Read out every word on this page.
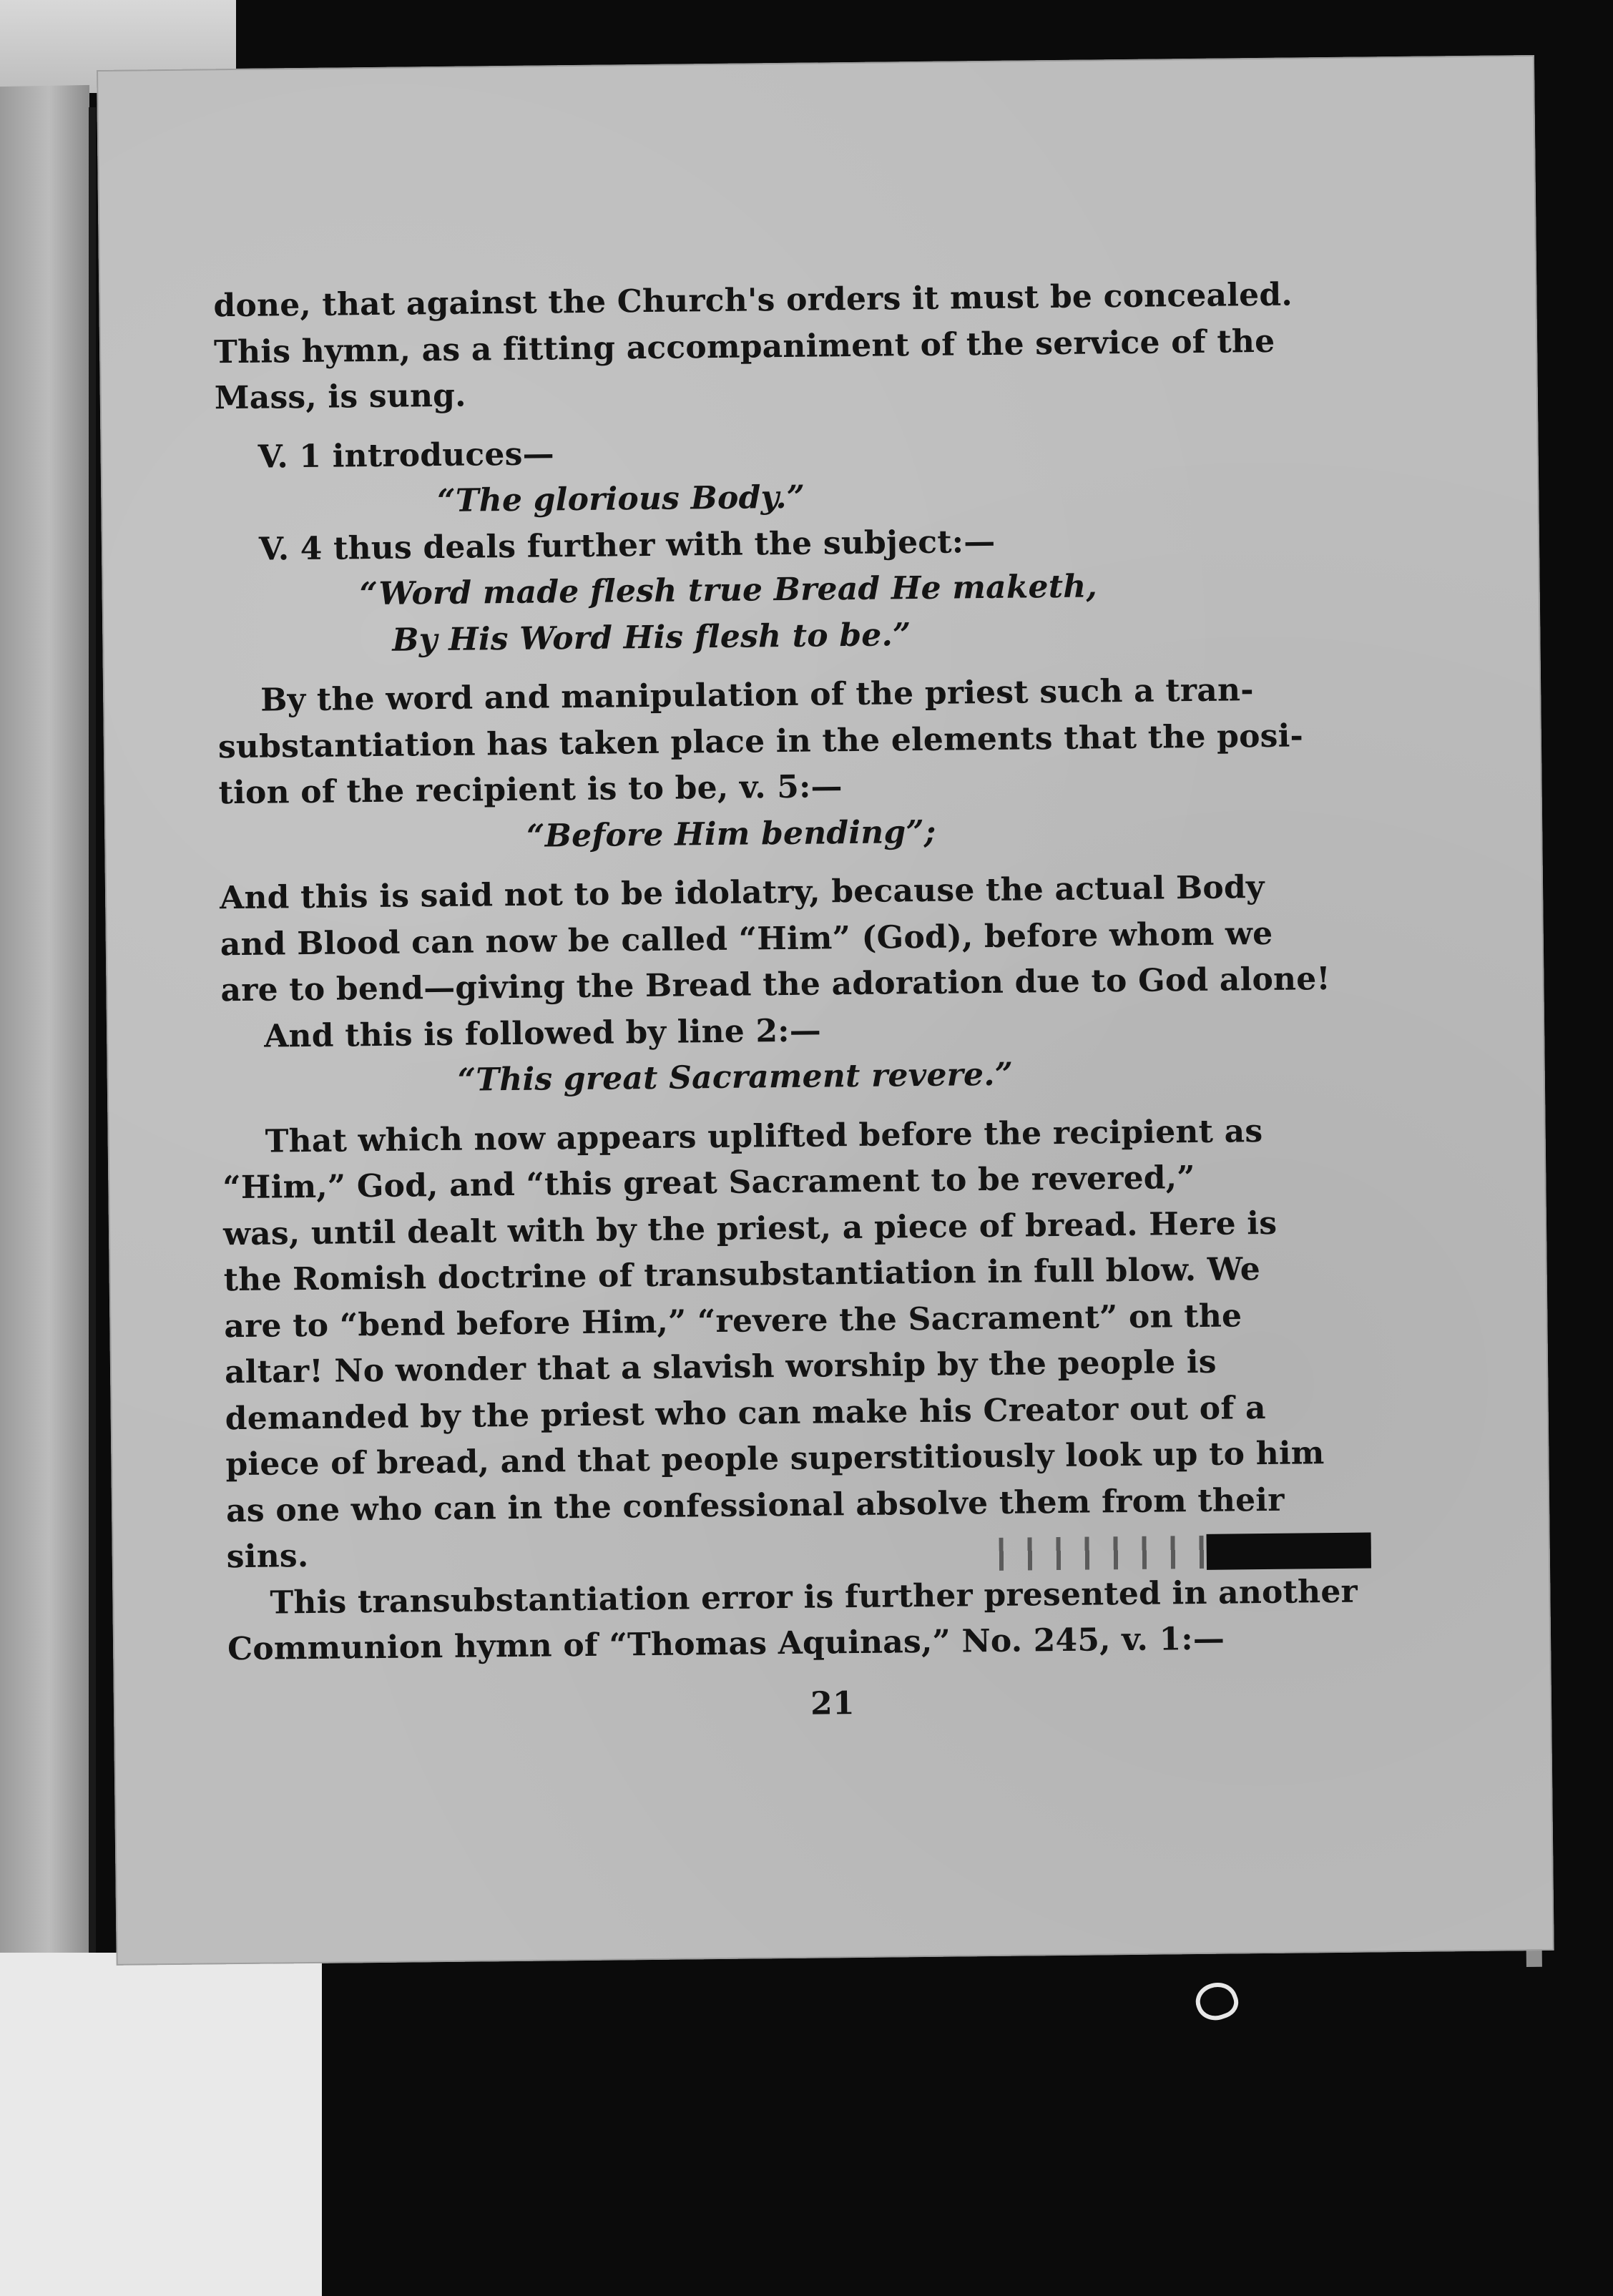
done, that against the Church's orders it must be concealed.

This hymn, as a fitting accompaniment of the service of the

Mass, is sung.

V. 1 introduces—

“The glorious Body.”

V. 4 thus deals further with the subject:—

“Word made flesh true Bread He maketh,

By His Word His flesh to be.”

By the word and manipulation of the priest such a tran-

substantiation has taken place in the elements that the posi-

tion of the recipient is to be, v. 5:—

“Before Him bending”;

And this is said not to be idolatry, because the actual Body

and Blood can now be called “Him” (God), before whom we

are to bend—giving the Bread the adoration due to God alone!

And this is followed by line 2:—

“This great Sacrament revere.”

That which now appears uplifted before the recipient as

“Him,” God, and “this great Sacrament to be revered,”

was, until dealt with by the priest, a piece of bread. Here is

the Romish doctrine of transubstantiation in full blow. We

are to “bend before Him,” “revere the Sacrament” on the

altar! No wonder that a slavish worship by the people is

demanded by the priest who can make his Creator out of a

piece of bread, and that people superstitiously look up to him

as one who can in the confessional absolve them from their

sins.

This transubstantiation error is further presented in another

Communion hymn of “Thomas Aquinas,” No. 245, v. 1:—

21
